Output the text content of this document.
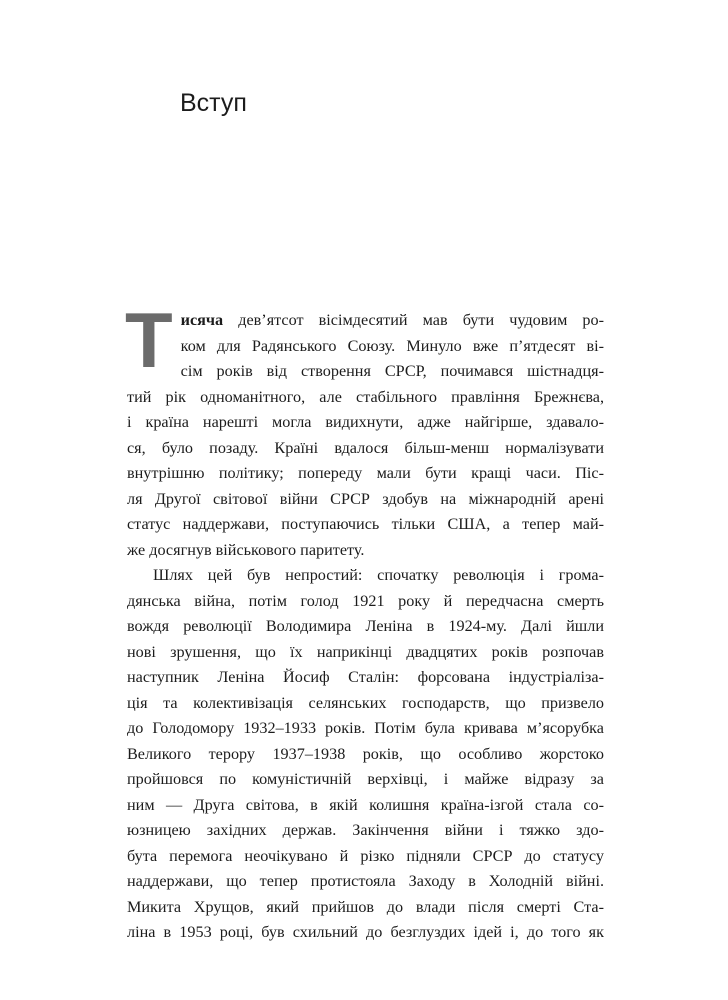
Вступ
Т исяча дев’ятсот вісімдесятий мав бути чудовим ро-
ком для Радянського Союзу. Минуло вже п’ятдесят ві-
сім років від створення СРСР, почимався шістнадця-
тий рік одноманітного, але стабільного правління Брежнєва,
і країна нарешті могла видихнути, адже найгірше, здавало-
ся, було позаду. Країні вдалося більш-менш нормалізувати
внутрішню політику; попереду мали бути кращі часи. Піс-
ля Другої світової війни СРСР здобув на міжнародній арені
статус наддержави, поступаючись тільки США, а тепер май-
же досягнув військового паритету.
Шлях цей був непростий: спочатку революція і грома-
дянська війна, потім голод 1921 року й передчасна смерть
вождя революції Володимира Леніна в 1924-му. Далі йшли
нові зрушення, що їх наприкінці двадцятих років розпочав
наступник Леніна Йосиф Сталін: форсована індустріаліза-
ція та колективізація селянських господарств, що призвело
до Голодомору 1932–1933 років. Потім була кривава м’ясорубка
Великого терору 1937–1938 років, що особливо жорстоко
пройшовся по комуністичній верхівці, і майже відразу за
ним — Друга світова, в якій колишня країна-ізгой стала со-
юзницею західних держав. Закінчення війни і тяжко здо-
бута перемога неочікувано й різко підняли СРСР до статусу
наддержави, що тепер протистояла Заходу в Холодній війні.
Микита Хрущов, який прийшов до влади після смерті Ста-
ліна в 1953 році, був схильний до безглуздих ідей і, до того як
